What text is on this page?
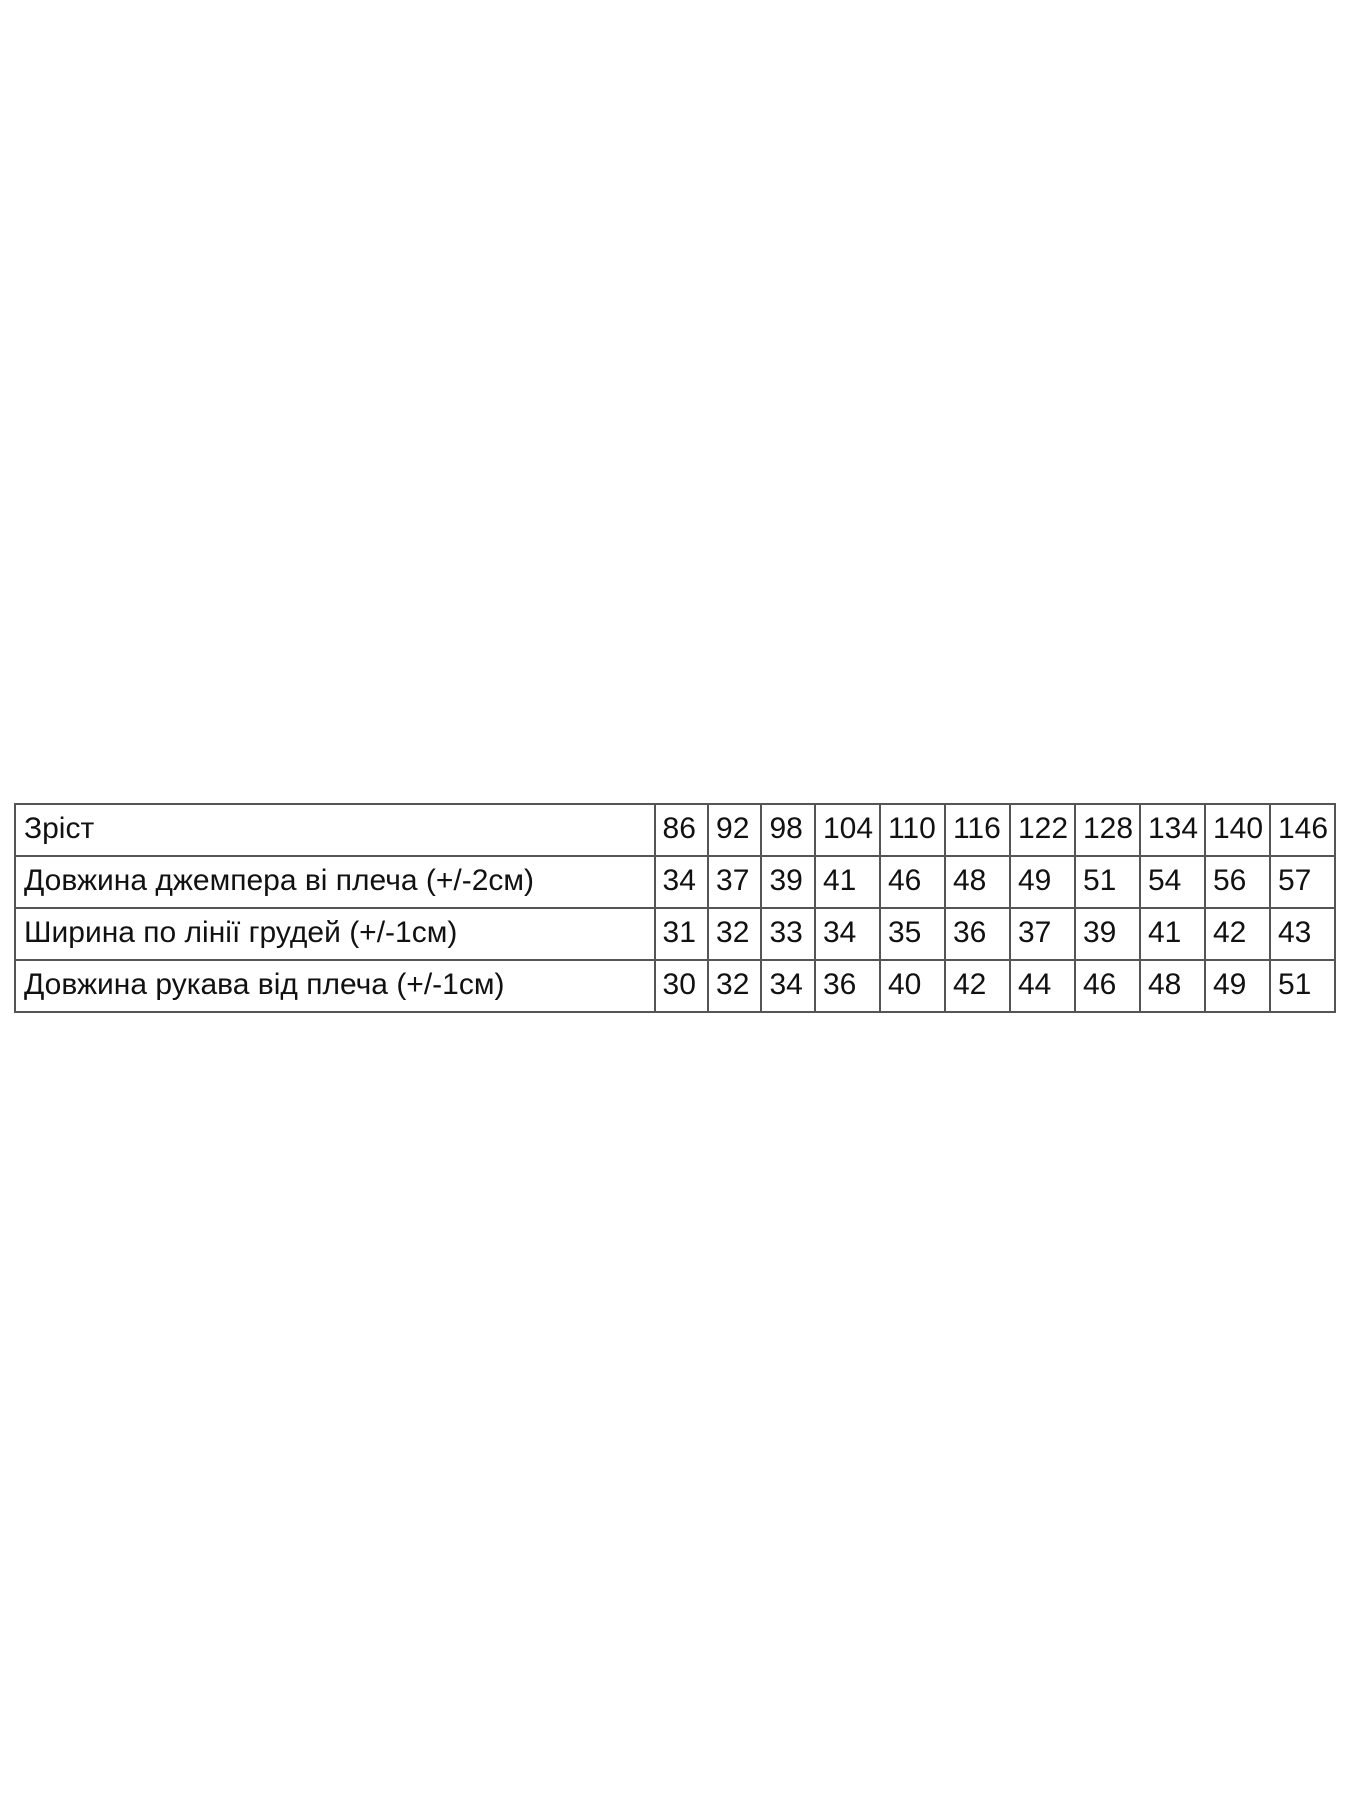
Зріст	86	92	98	104	110	116	122	128	134	140	146
Довжина джемпера ві плеча (+/-2см)	34	37	39	41	46	48	49	51	54	56	57
Ширина по лінії грудей (+/-1см)	31	32	33	34	35	36	37	39	41	42	43
Довжина рукава від плеча (+/-1см)	30	32	34	36	40	42	44	46	48	49	51
